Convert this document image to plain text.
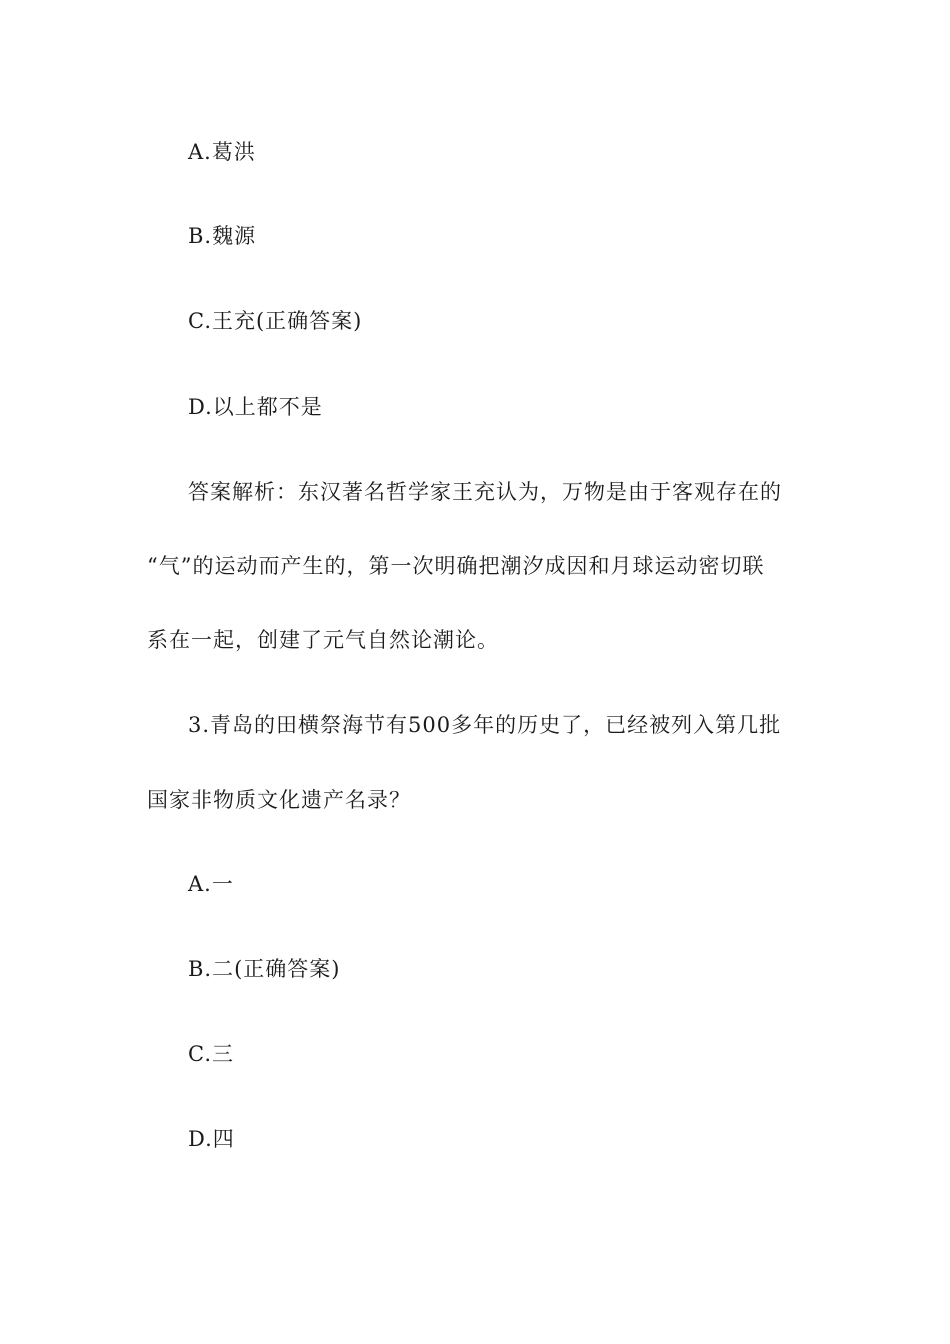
A.葛洪
B.魏源
C.王充(正确答案)
D.以上都不是
答案解析：东汉著名哲学家王充认为，万物是由于客观存在的
“气”的运动而产生的，第一次明确把潮汐成因和月球运动密切联
系在一起，创建了元气自然论潮论。
3.青岛的田横祭海节有500多年的历史了，已经被列入第几批
国家非物质文化遗产名录？
A.一
B.二(正确答案)
C.三
D.四
